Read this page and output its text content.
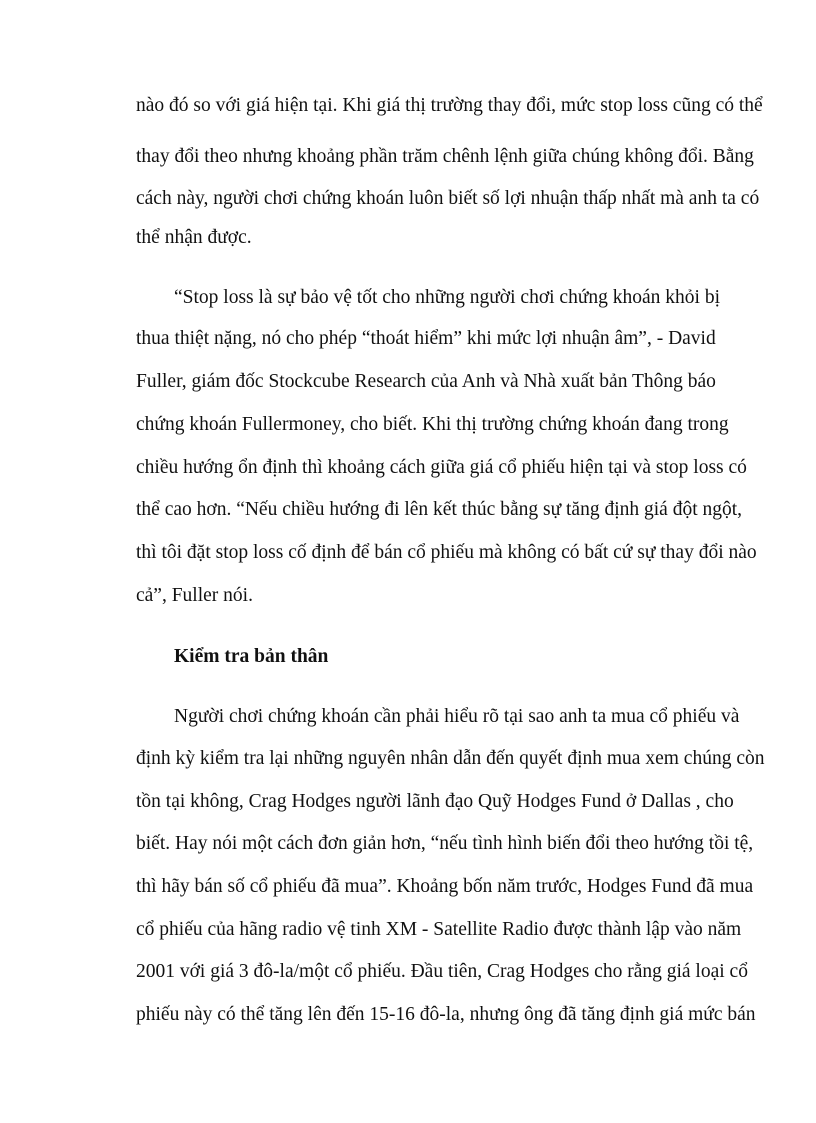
nào đó so với giá hiện tại. Khi giá thị trường thay đổi, mức stop loss cũng có thể
thay đổi theo nhưng khoảng phần trăm chênh lệnh giữa chúng không đổi. Bằng
cách này, người chơi chứng khoán luôn biết số lợi nhuận thấp nhất mà anh ta có
thể nhận được.
“Stop loss là sự bảo vệ tốt cho những người chơi chứng khoán khỏi bị
thua thiệt nặng, nó cho phép “thoát hiểm” khi mức lợi nhuận âm”, - David
Fuller, giám đốc Stockcube Research của Anh và Nhà xuất bản Thông báo
chứng khoán Fullermoney, cho biết. Khi thị trường chứng khoán đang trong
chiều hướng ổn định thì khoảng cách giữa giá cổ phiếu hiện tại và stop loss có
thể cao hơn. “Nếu chiều hướng đi lên kết thúc bằng sự tăng định giá đột ngột,
thì tôi đặt stop loss cố định để bán cổ phiếu mà không có bất cứ sự thay đổi nào
cả”, Fuller nói.
Kiểm tra bản thân
Người chơi chứng khoán cần phải hiểu rõ tại sao anh ta mua cổ phiếu và
định kỳ kiểm tra lại những nguyên nhân dẫn đến quyết định mua xem chúng còn
tồn tại không, Crag Hodges người lãnh đạo Quỹ Hodges Fund ở Dallas , cho
biết. Hay nói một cách đơn giản hơn, “nếu tình hình biến đổi theo hướng tồi tệ,
thì hãy bán số cổ phiếu đã mua”. Khoảng bốn năm trước, Hodges Fund đã mua
cổ phiếu của hãng radio vệ tinh XM - Satellite Radio được thành lập vào năm
2001 với giá 3 đô-la/một cổ phiếu. Đầu tiên, Crag Hodges cho rằng giá loại cổ
phiếu này có thể tăng lên đến 15-16 đô-la, nhưng ông đã tăng định giá mức bán
